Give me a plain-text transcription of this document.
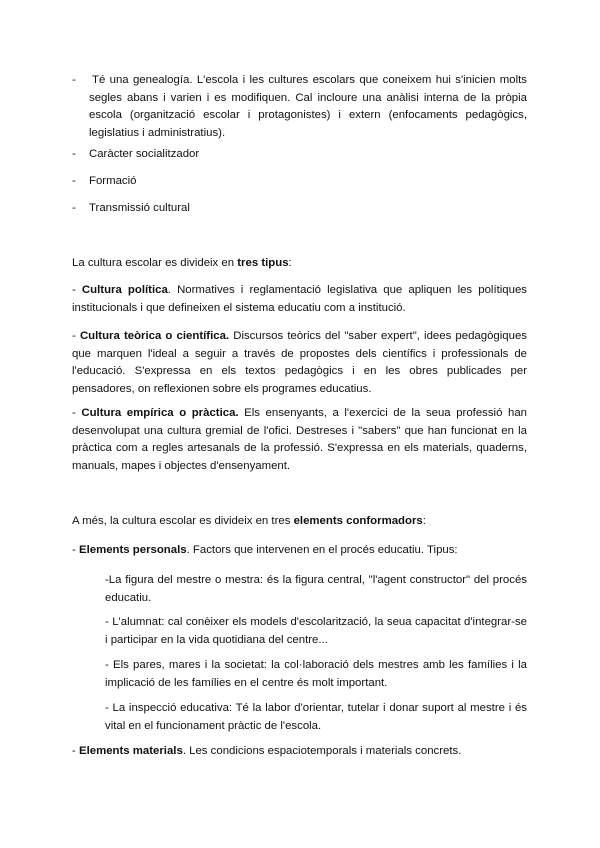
- Té una genealogía. L'escola i les cultures escolars que coneixem hui s'inicien molts segles abans i varien i es modifiquen. Cal incloure una anàlisi interna de la pròpia escola (organització escolar i protagonistes) i extern (enfocaments pedagògics, legislatius i administratius).
- Caràcter socialitzador
- Formació
- Transmissió cultural
La cultura escolar es divideix en tres tipus:
- Cultura política. Normatives i reglamentació legislativa que apliquen les polítiques institucionals i que defineixen el sistema educatiu com a institució.
- Cultura teòrica o científica. Discursos teòrics del "saber expert", idees pedagògiques que marquen l'ideal a seguir a través de propostes dels científics i professionals de l'educació. S'expressa en els textos pedagògics i en les obres publicades per pensadores, on reflexionen sobre els programes educatius.
- Cultura empírica o pràctica. Els ensenyants, a l'exercici de la seua professió han desenvolupat una cultura gremial de l'ofici. Destreses i "sabers" que han funcionat en la pràctica com a regles artesanals de la professió. S'expressa en els materials, quaderns, manuals, mapes i objectes d'ensenyament.
A més, la cultura escolar es divideix en tres elements conformadors:
- Elements personals. Factors que intervenen en el procés educatiu. Tipus:
-La figura del mestre o mestra: és la figura central, "l'agent constructor" del procés educatiu.
- L'alumnat: cal conèixer els models d'escolarització, la seua capacitat d'integrar-se i participar en la vida quotidiana del centre...
- Els pares, mares i la societat: la col·laboració dels mestres amb les famílies i la implicació de les famílies en el centre és molt important.
- La inspecció educativa: Té la labor d'orientar, tutelar i donar suport al mestre i és vital en el funcionament pràctic de l'escola.
- Elements materials. Les condicions espaciotemporals i materials concrets.
